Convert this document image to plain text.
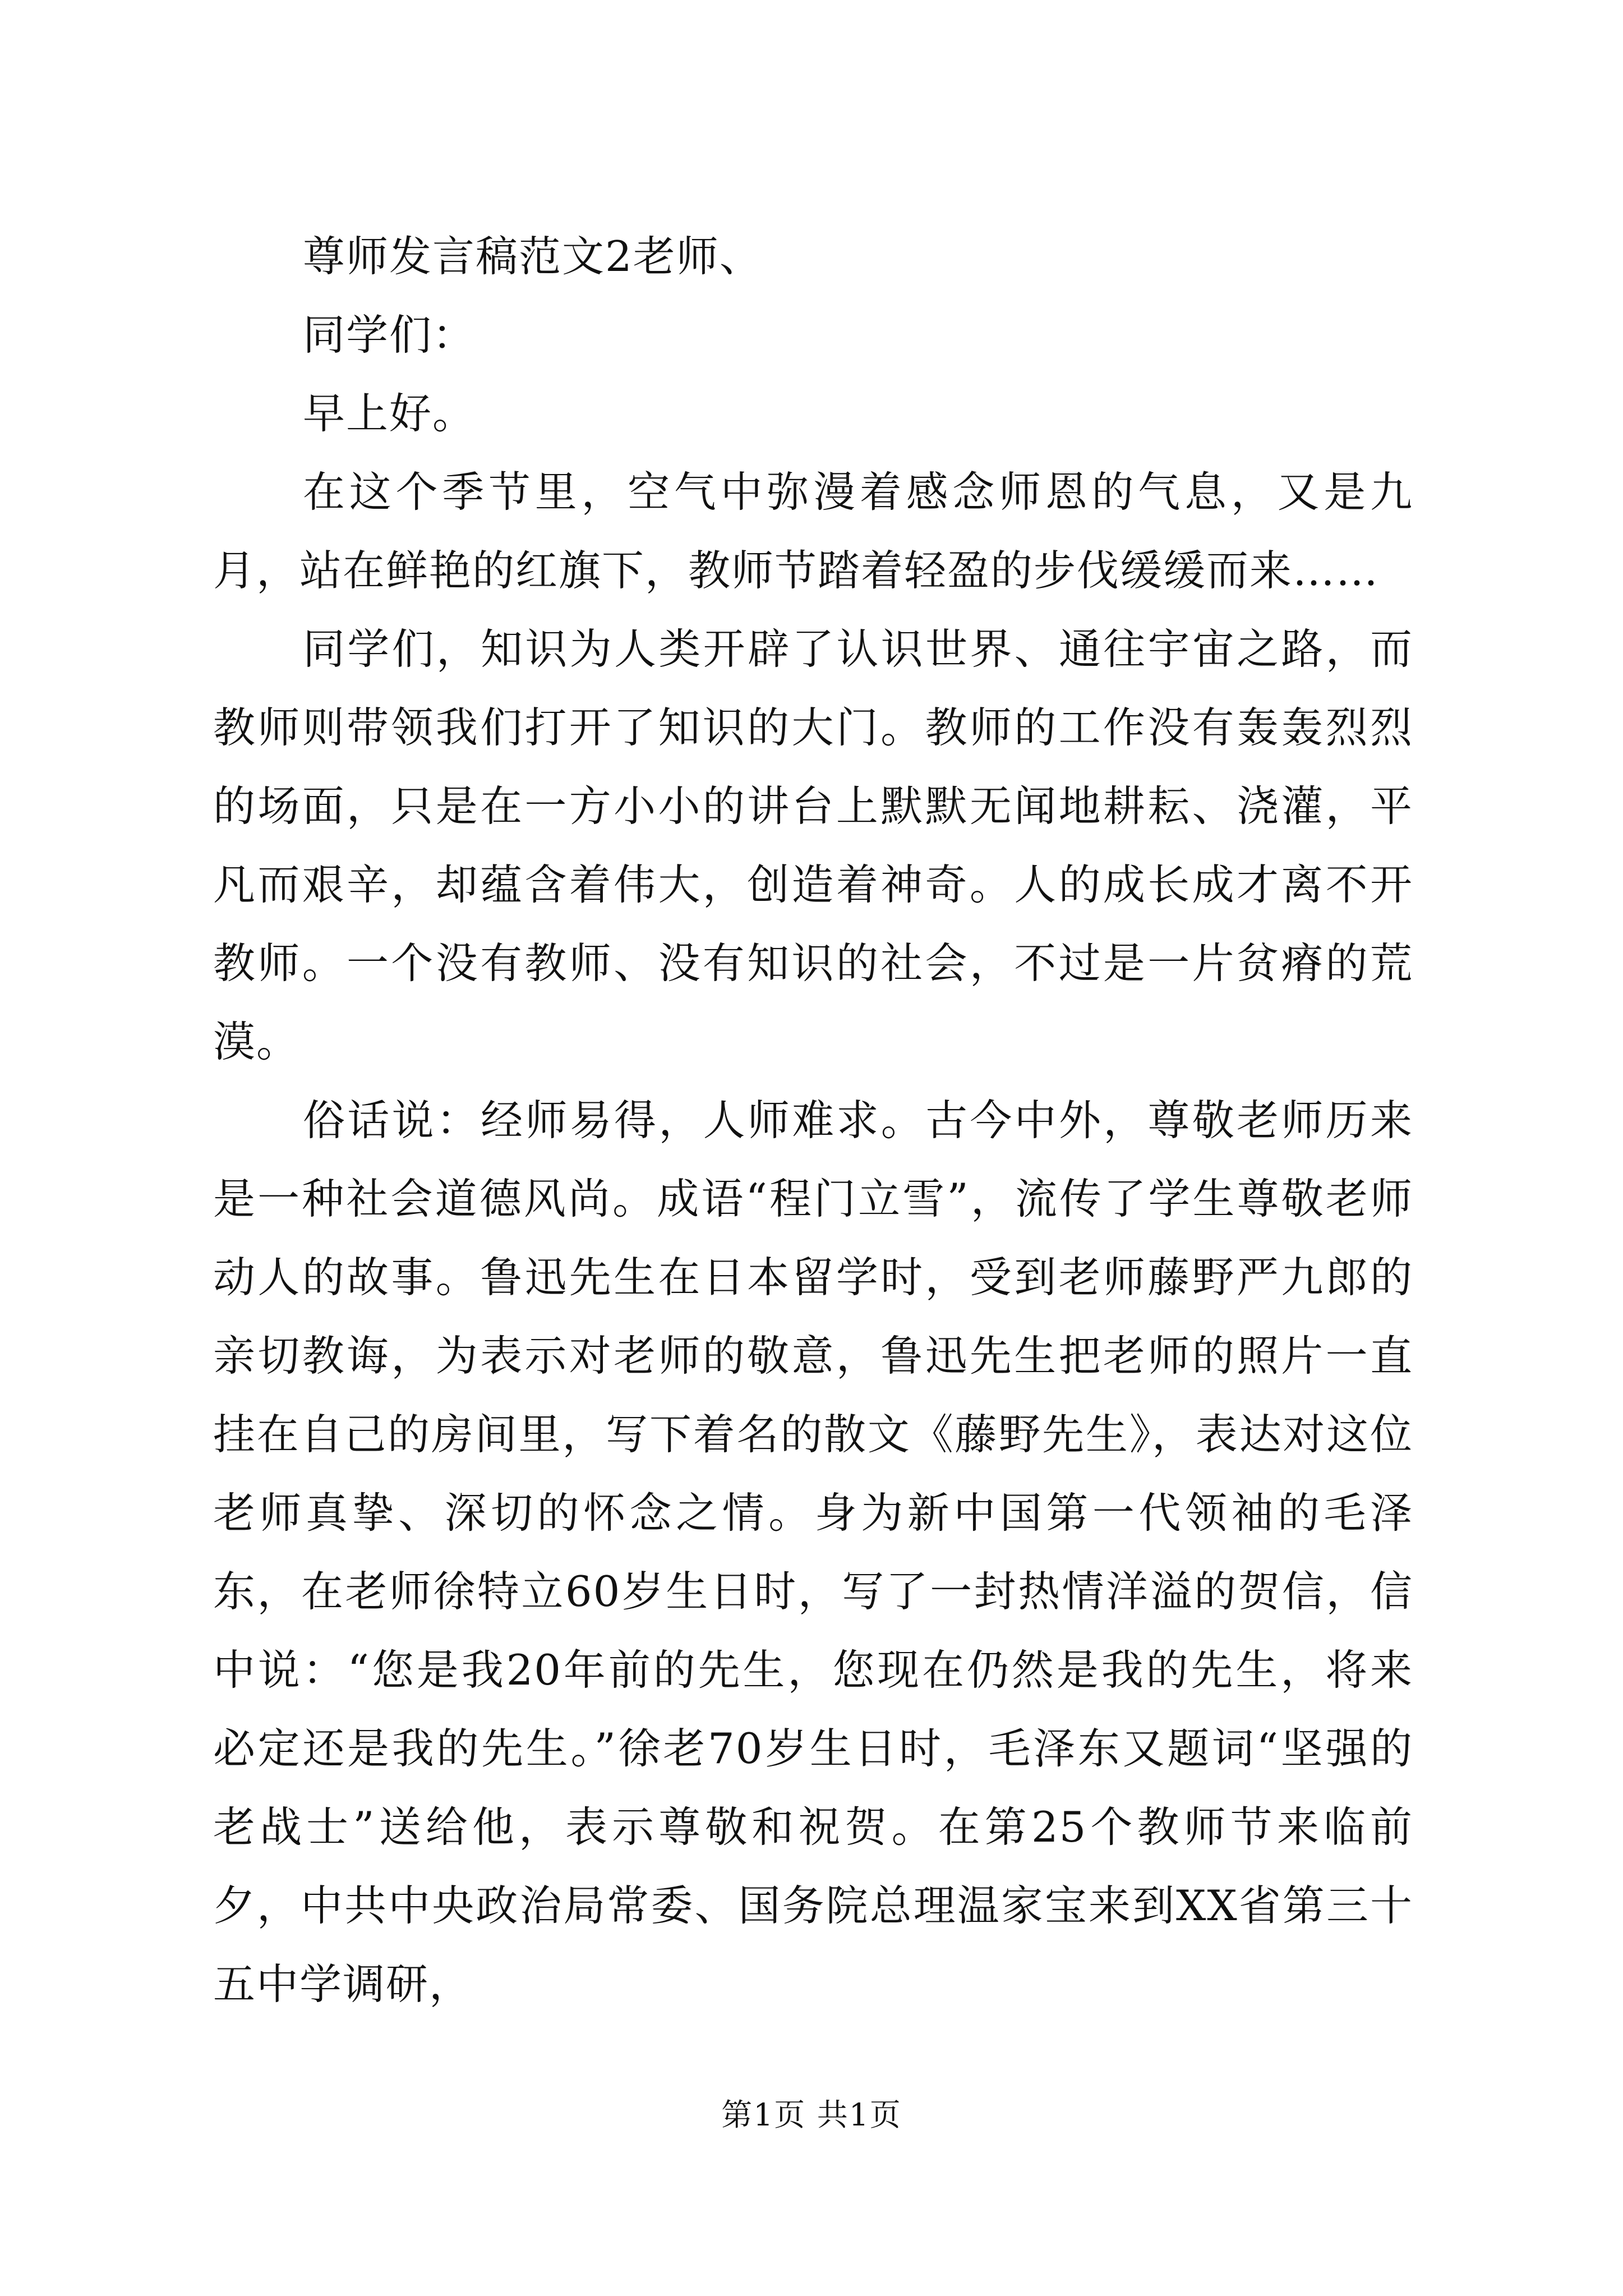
尊师发言稿范文2老师、

同学们：

早上好。

在这个季节里，空气中弥漫着感念师恩的气息，又是九月，站在鲜艳的红旗下，教师节踏着轻盈的步伐缓缓而来……

同学们，知识为人类开辟了认识世界、通往宇宙之路，而教师则带领我们打开了知识的大门。教师的工作没有轰轰烈烈的场面，只是在一方小小的讲台上默默无闻地耕耘、浇灌，平凡而艰辛，却蕴含着伟大，创造着神奇。人的成长成才离不开教师。一个没有教师、没有知识的社会，不过是一片贫瘠的荒漠。

俗话说：经师易得，人师难求。古今中外，尊敬老师历来是一种社会道德风尚。成语“程门立雪”，流传了学生尊敬老师动人的故事。鲁迅先生在日本留学时，受到老师藤野严九郎的亲切教诲，为表示对老师的敬意，鲁迅先生把老师的照片一直挂在自己的房间里，写下着名的散文《藤野先生》，表达对这位老师真挚、深切的怀念之情。身为新中国第一代领袖的毛泽东，在老师徐特立60岁生日时，写了一封热情洋溢的贺信，信中说：“您是我20年前的先生，您现在仍然是我的先生，将来必定还是我的先生。”徐老70岁生日时，毛泽东又题词“坚强的老战士”送给他，表示尊敬和祝贺。在第25个教师节来临前夕，中共中央政治局常委、国务院总理温家宝来到XX省第三十五中学调研，

第1页 共1页
